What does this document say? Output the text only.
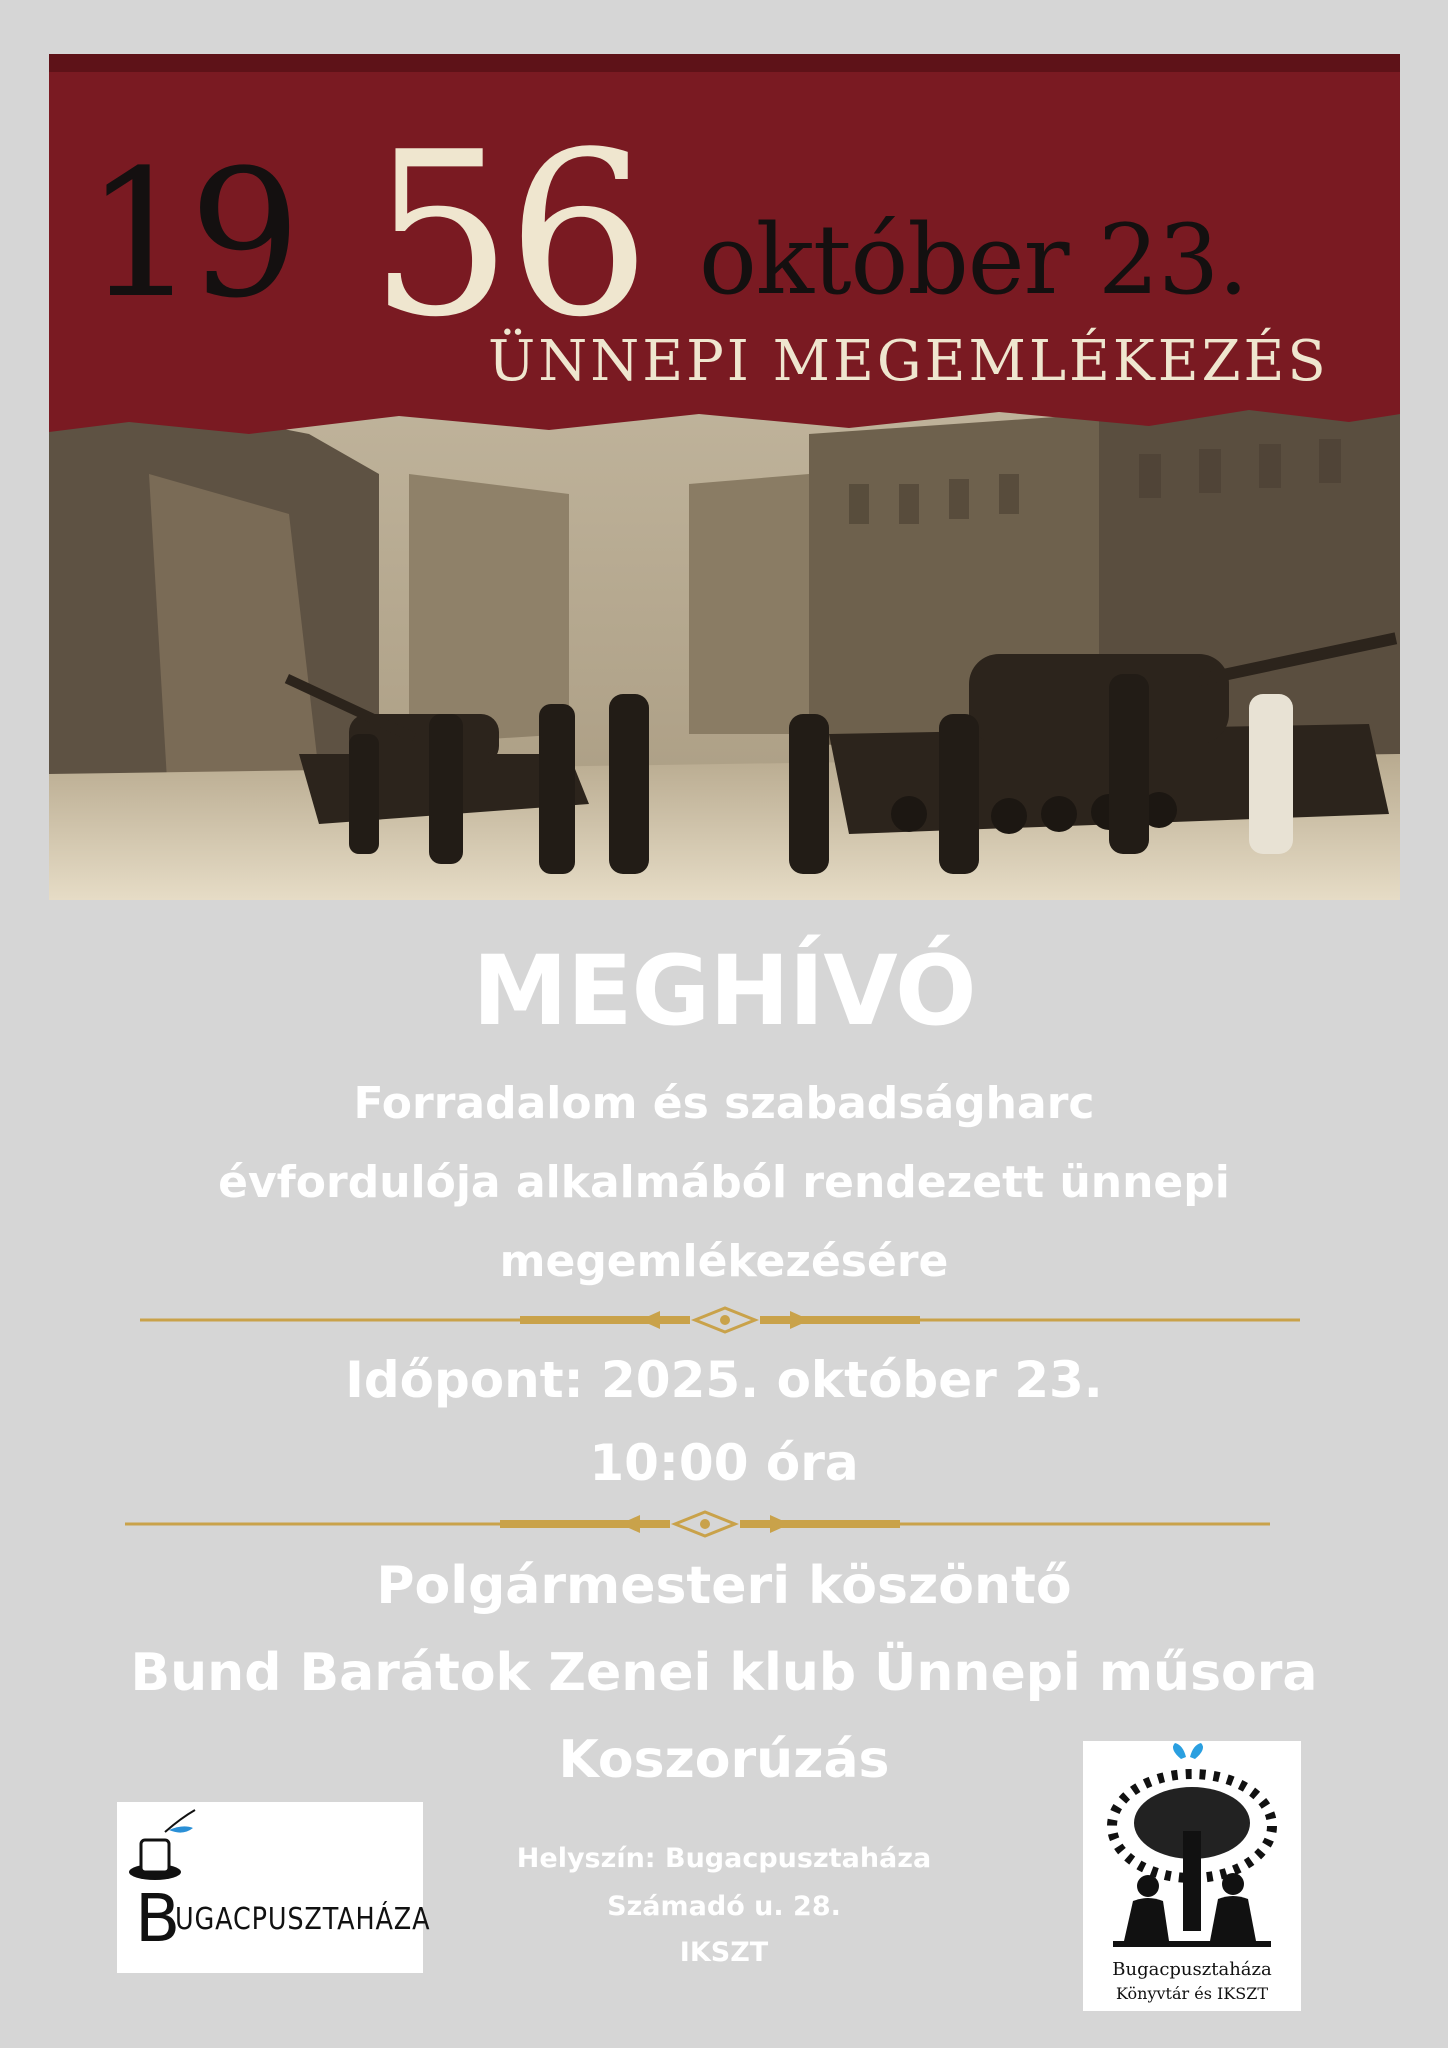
19 56 október 23.
ÜNNEPI MEGEMLÉKEZÉS
MEGHÍVÓ
Forradalom és szabadságharc
évfordulója alkalmából rendezett ünnepi
megemlékezésére
Időpont: 2025. október 23.
10:00 óra
Polgármesteri köszöntő
Bund Barátok Zenei klub Ünnepi műsora
Koszorúzás
Helyszín: Bugacpusztaháza
Számadó u. 28.
IKSZT
B
UGACPUSZTAHÁZA
Bugacpusztaháza
Könyvtár és IKSZT
